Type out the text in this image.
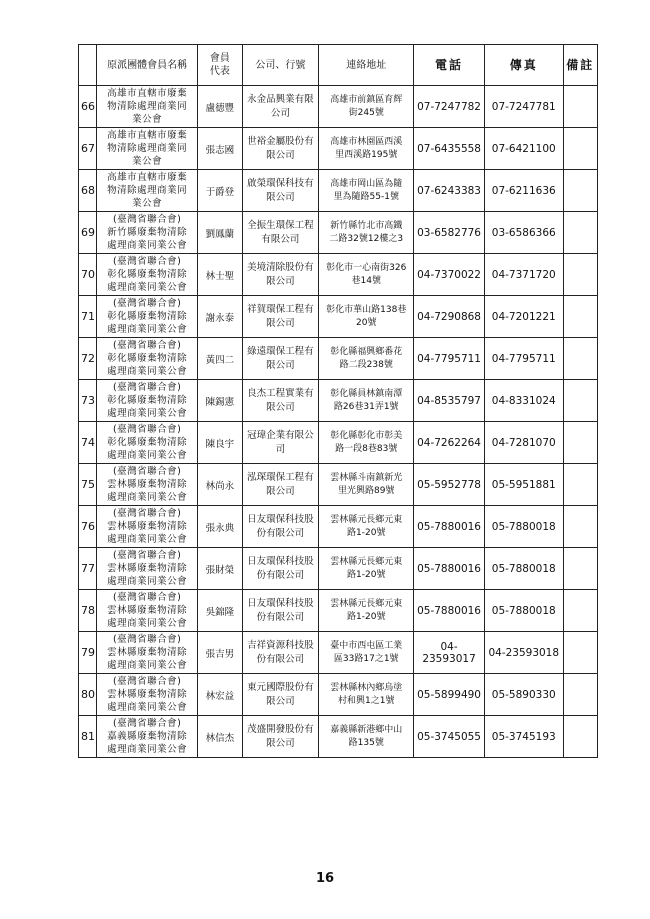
	原派團體會員名稱	會員
代表	公司、行號	連絡地址	電話	傳真	備註
66	高雄市直轄市廢棄
物清除處理商業同
業公會	盧德豐	永金品興業有限
公司	高雄市前鎮區育辉
街245號	07-7247782	07-7247781	
67	高雄市直轄市廢棄
物清除處理商業同
業公會	張志國	世裕金屬股份有
限公司	高雄市林園區西溪
里西溪路195號	07-6435558	07-6421100	
68	高雄市直轄市廢棄
物清除處理商業同
業公會	于爵登	啟榮環保科技有
限公司	高雄市岡山區為隨
里為隨路55-1號	07-6243383	07-6211636	
69	(臺灣省聯合會)
新竹縣廢棄物清除
處理商業同業公會	劉鳳蘭	全振生環保工程
有限公司	新竹縣竹北市高鐵
二路32號12樓之3	03-6582776	03-6586366	
70	(臺灣省聯合會)
彰化縣廢棄物清除
處理商業同業公會	林士聖	美境清除股份有
限公司	彰化市一心南街326
巷14號	04-7370022	04-7371720	
71	(臺灣省聯合會)
彰化縣廢棄物清除
處理商業同業公會	謝永泰	祥賀環保工程有
限公司	彰化市華山路138巷
20號	04-7290868	04-7201221	
72	(臺灣省聯合會)
彰化縣廢棄物清除
處理商業同業公會	黃四二	綠遠環保工程有
限公司	彰化縣福興鄉番花
路二段238號	04-7795711	04-7795711	
73	(臺灣省聯合會)
彰化縣廢棄物清除
處理商業同業公會	陳錫憲	良杰工程實業有
限公司	彰化縣員林鎮南潭
路26巷31弄1號	04-8535797	04-8331024	
74	(臺灣省聯合會)
彰化縣廢棄物清除
處理商業同業公會	陳良宇	冠瑋企業有限公
司	彰化縣彰化市彰美
路一段8巷83號	04-7262264	04-7281070	
75	(臺灣省聯合會)
雲林縣廢棄物清除
處理商業同業公會	林尚永	泓琛環保工程有
限公司	雲林縣斗南鎮新光
里光興路89號	05-5952778	05-5951881	
76	(臺灣省聯合會)
雲林縣廢棄物清除
處理商業同業公會	張永典	日友環保科技股
份有限公司	雲林縣元長鄉元東
路1-20號	05-7880016	05-7880018	
77	(臺灣省聯合會)
雲林縣廢棄物清除
處理商業同業公會	張財榮	日友環保科技股
份有限公司	雲林縣元長鄉元東
路1-20號	05-7880016	05-7880018	
78	(臺灣省聯合會)
雲林縣廢棄物清除
處理商業同業公會	吳錦隆	日友環保科技股
份有限公司	雲林縣元長鄉元東
路1-20號	05-7880016	05-7880018	
79	(臺灣省聯合會)
雲林縣廢棄物清除
處理商業同業公會	張吉男	吉祥資源科技股
份有限公司	臺中市西屯區工業
區33路17之1號	04-23593017	04-23593018	
80	(臺灣省聯合會)
雲林縣廢棄物清除
處理商業同業公會	林宏益	東元國際股份有
限公司	雲林縣林內鄉烏塗
村和興1之1號	05-5899490	05-5890330	
81	(臺灣省聯合會)
嘉義縣廢棄物清除
處理商業同業公會	林信杰	茂盛開發股份有
限公司	嘉義縣新港鄉中山
路135號	05-3745055	05-3745193	
16
